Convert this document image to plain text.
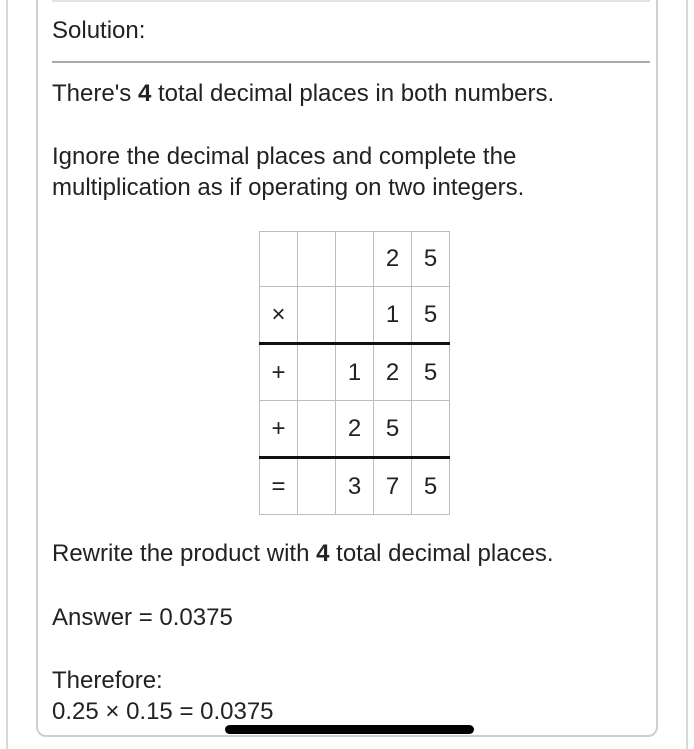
Solution:
There's 4 total decimal places in both numbers.
Ignore the decimal places and complete the multiplication as if operating on two integers.
			2	5
×			1	5
+		1	2	5
+		2	5	
=		3	7	5
Rewrite the product with 4 total decimal places.
Answer = 0.0375
Therefore:
0.25 × 0.15 = 0.0375
